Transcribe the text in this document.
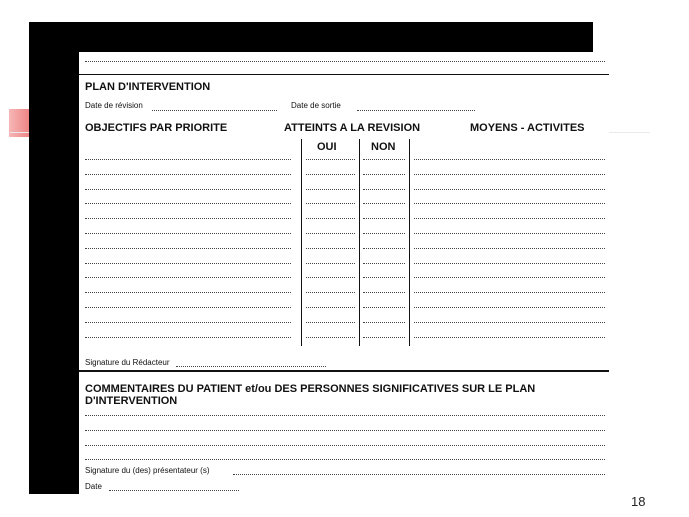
PLAN D'INTERVENTION
Date de révision	Date de sortie
OBJECTIFS PAR PRIORITE	ATTEINTS A LA REVISION	MOYENS - ACTIVITES
OUI	NON
Signature du Rédacteur
COMMENTAIRES DU PATIENT et/ou DES PERSONNES SIGNIFICATIVES SUR LE PLAN
D'INTERVENTION
Signature du (des) présentateur (s)
Date
18
